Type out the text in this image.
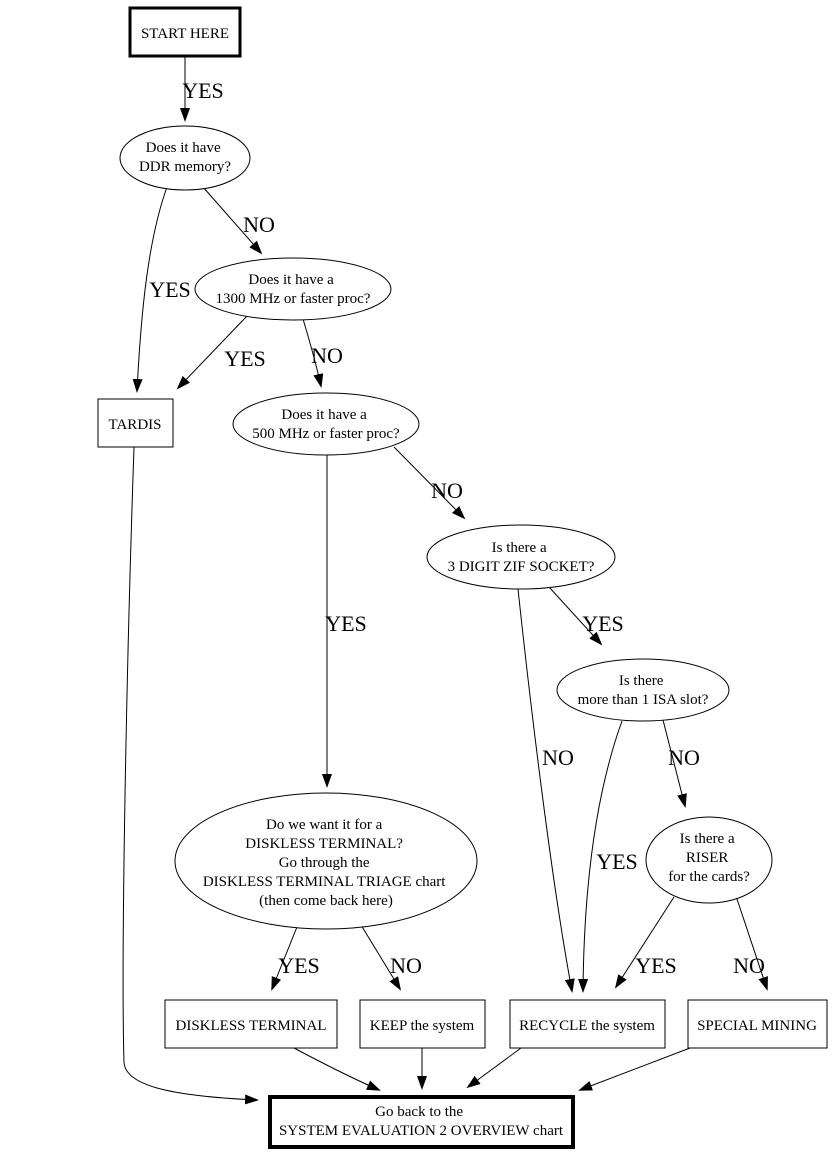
START HERE
Does it have DDR memory?
Does it have a 1300 MHz or faster proc?
TARDIS
Does it have a 500 MHz or faster proc?
Is there a 3 DIGIT ZIF SOCKET?
Is there more than 1 ISA slot?
Is there a RISER for the cards?
Do we want it for a DISKLESS TERMINAL? Go through the DISKLESS TERMINAL TRIAGE chart (then come back here)
DISKLESS TERMINAL	KEEP the system	RECYCLE the system	SPECIAL MINING
Go back to the SYSTEM EVALUATION 2 OVERVIEW chart
YES
NO
YES
YES NO
NO
YES	YES
NO	NO
YES
YES	NO
YES	NO
